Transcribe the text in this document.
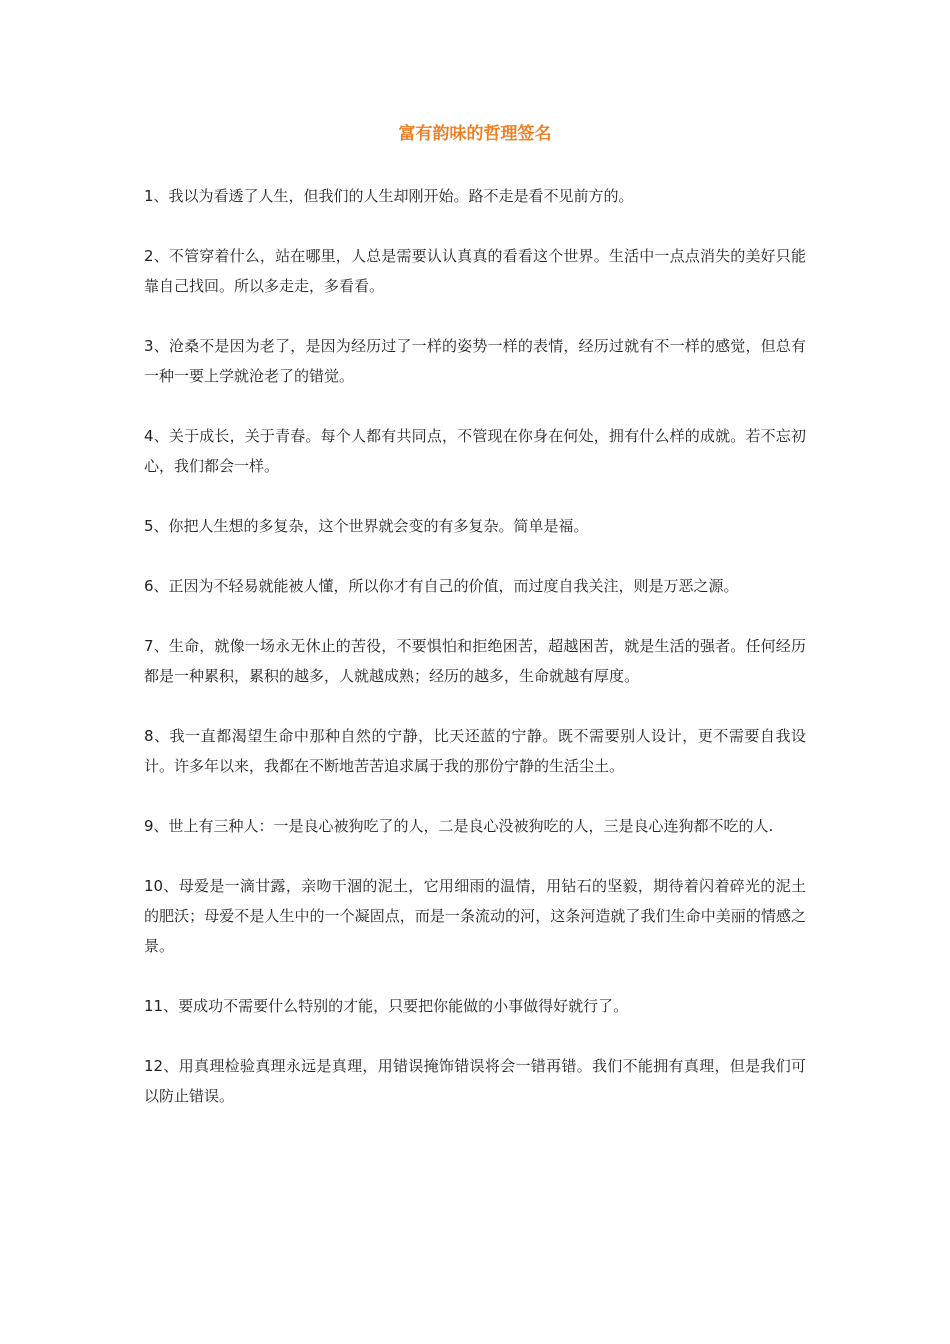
富有韵味的哲理签名

1、我以为看透了人生，但我们的人生却刚开始。路不走是看不见前方的。

2、不管穿着什么，站在哪里，人总是需要认认真真的看看这个世界。生活中一点点消失的美好只能靠自己找回。所以多走走，多看看。

3、沧桑不是因为老了，是因为经历过了一样的姿势一样的表情，经历过就有不一样的感觉，但总有一种一要上学就沧老了的错觉。

4、关于成长，关于青春。每个人都有共同点，不管现在你身在何处，拥有什么样的成就。若不忘初心，我们都会一样。

5、你把人生想的多复杂，这个世界就会变的有多复杂。简单是福。

6、正因为不轻易就能被人懂，所以你才有自己的价值，而过度自我关注，则是万恶之源。

7、生命，就像一场永无休止的苦役，不要惧怕和拒绝困苦，超越困苦，就是生活的强者。任何经历都是一种累积，累积的越多，人就越成熟；经历的越多，生命就越有厚度。

8、我一直都渴望生命中那种自然的宁静，比天还蓝的宁静。既不需要别人设计，更不需要自我设计。许多年以来，我都在不断地苦苦追求属于我的那份宁静的生活尘土。

9、世上有三种人：一是良心被狗吃了的人，二是良心没被狗吃的人，三是良心连狗都不吃的人.

10、母爱是一滴甘露，亲吻干涸的泥土，它用细雨的温情，用钻石的坚毅，期待着闪着碎光的泥土的肥沃；母爱不是人生中的一个凝固点，而是一条流动的河，这条河造就了我们生命中美丽的情感之景。

11、要成功不需要什么特别的才能，只要把你能做的小事做得好就行了。

12、用真理检验真理永远是真理，用错误掩饰错误将会一错再错。我们不能拥有真理，但是我们可以防止错误。
